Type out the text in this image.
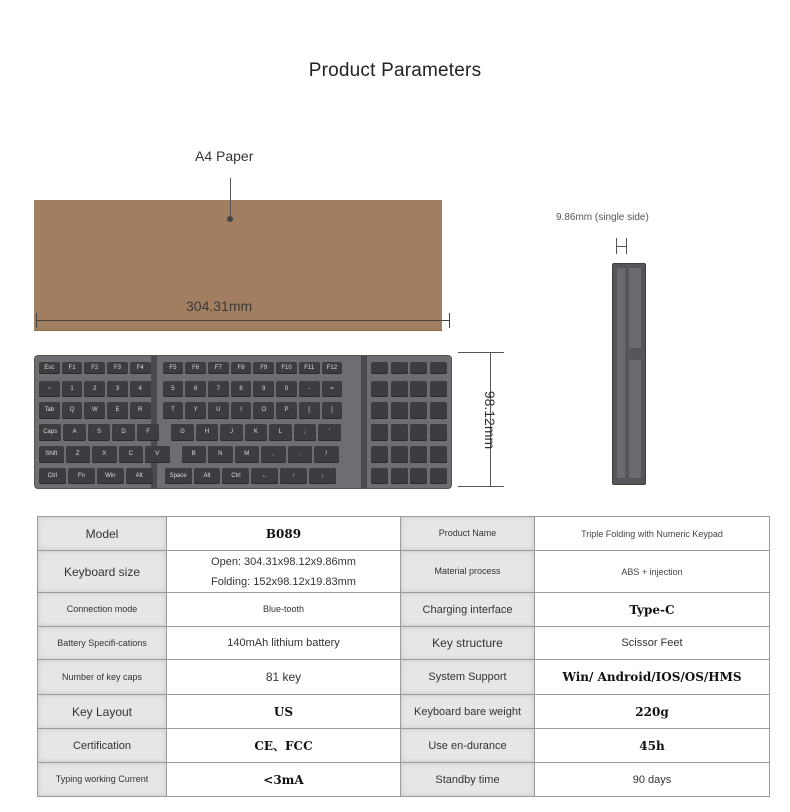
Product Parameters
A4 Paper
304.31mm
Esc	F1	F2	F3	F4	F5	F6	F7	F8	F9	F10	F11	F12
~	1	2	3	4	5	6	7	8	9	0	-	=
Tab	Q	W	E	R	T	Y	U	I	O	P	[	]
Caps	A	S	D	F	G	H	J	K	L	;	'
Shift	Z	X	C	V	B	N	M	,	.	/
Ctrl	Fn	Win	Alt	Space	Alt	Ctrl	←	↑	↓
98.12mm
9.86mm (single side)
Model	B089	Product Name	Triple Folding with Numeric Keypad
Keyboard size	Open: 304.31x98.12x9.86mm
Folding: 152x98.12x19.83mm	Material process	ABS + injection
Connection mode	Blue-tooth	Charging interface	Type-C
Battery Specifi-cations	140mAh lithium battery	Key structure	Scissor Feet
Number of key caps	81 key	System Support	Win/ Android/IOS/OS/HMS
Key Layout	US	Keyboard bare weight	220g
Certification	CE、FCC	Use en-durance	45h
Typing working Current	<3mA	Standby time	90 days
